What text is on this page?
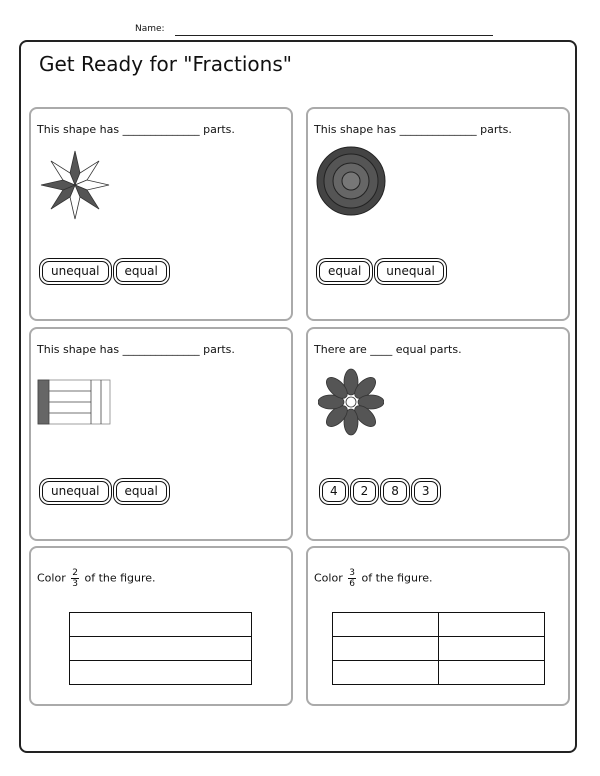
Name:
Get Ready for "Fractions"
This shape has ______________ parts.
unequal	equal
This shape has ______________ parts.
equal	unequal
This shape has ______________ parts.
unequal	equal
There are ____ equal parts.
4	2	8	3
Color $\frac{2}{3}$ of the figure.	Color $\frac{3}{6}$ of the figure.
